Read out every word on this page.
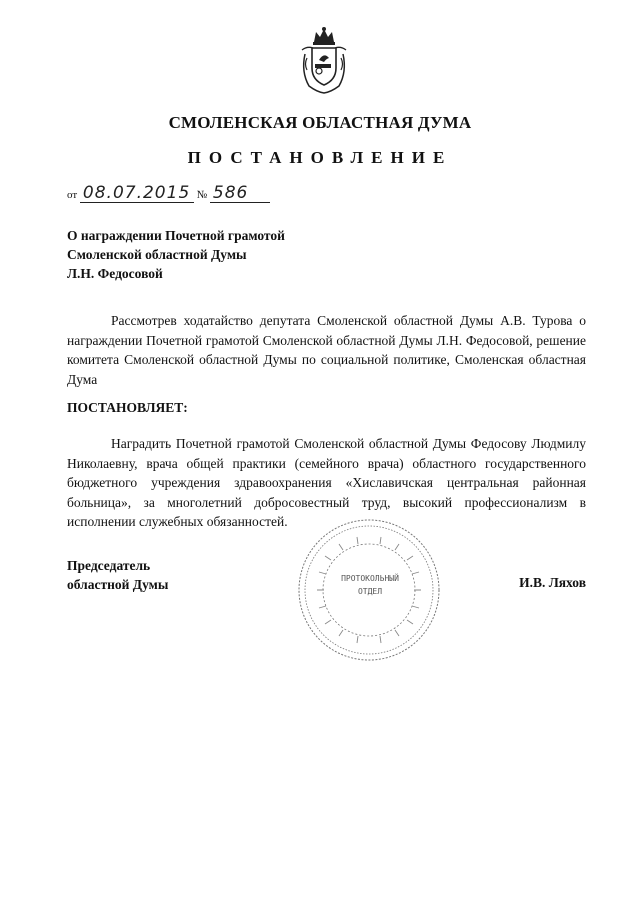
СМОЛЕНСКАЯ ОБЛАСТНАЯ ДУМА
ПОСТАНОВЛЕНИЕ
от 08.07.2015 № 586
О награждении Почетной грамотой
Смоленской областной Думы
Л.Н. Федосовой

Рассмотрев ходатайство депутата Смоленской областной Думы А.В. Турова о награждении Почетной грамотой Смоленской областной Думы Л.Н. Федосовой, решение комитета Смоленской областной Думы по социальной политике, Смоленская областная Дума

ПОСТАНОВЛЯЕТ:

Наградить Почетной грамотой Смоленской областной Думы Федосову Людмилу Николаевну, врача общей практики (семейного врача) областного государственного бюджетного учреждения здравоохранения «Хиславичская центральная районная больница», за многолетний добросовестный труд, высокий профессионализм в исполнении служебных обязанностей.

Председатель
областной Думы	ПРОТОКОЛЬНЫЙ
ОТДЕЛ
И.В. Ляхов
